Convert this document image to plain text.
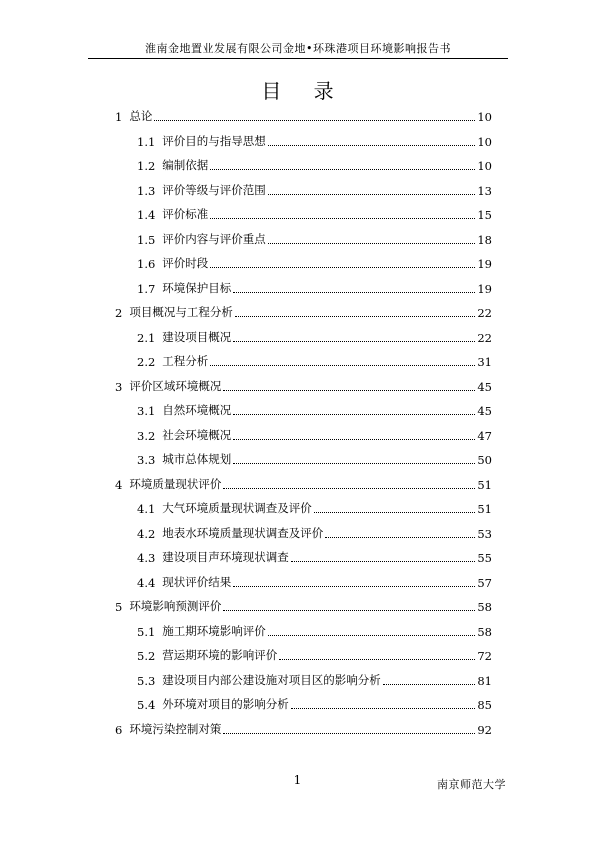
淮南金地置业发展有限公司金地•环珠港项目环境影响报告书
目 录
1 总论	10
1.1 评价目的与指导思想	10
1.2 编制依据	10
1.3 评价等级与评价范围	13
1.4 评价标准	15
1.5 评价内容与评价重点	18
1.6 评价时段	19
1.7 环境保护目标	19
2 项目概况与工程分析	22
2.1 建设项目概况	22
2.2 工程分析	31
3 评价区域环境概况	45
3.1 自然环境概况	45
3.2 社会环境概况	47
3.3 城市总体规划	50
4 环境质量现状评价	51
4.1 大气环境质量现状调查及评价	51
4.2 地表水环境质量现状调查及评价	53
4.3 建设项目声环境现状调查	55
4.4 现状评价结果	57
5 环境影响预测评价	58
5.1 施工期环境影响评价	58
5.2 营运期环境的影响评价	72
5.3 建设项目内部公建设施对项目区的影响分析	81
5.4 外环境对项目的影响分析	85
6 环境污染控制对策	92
1	南京师范大学
